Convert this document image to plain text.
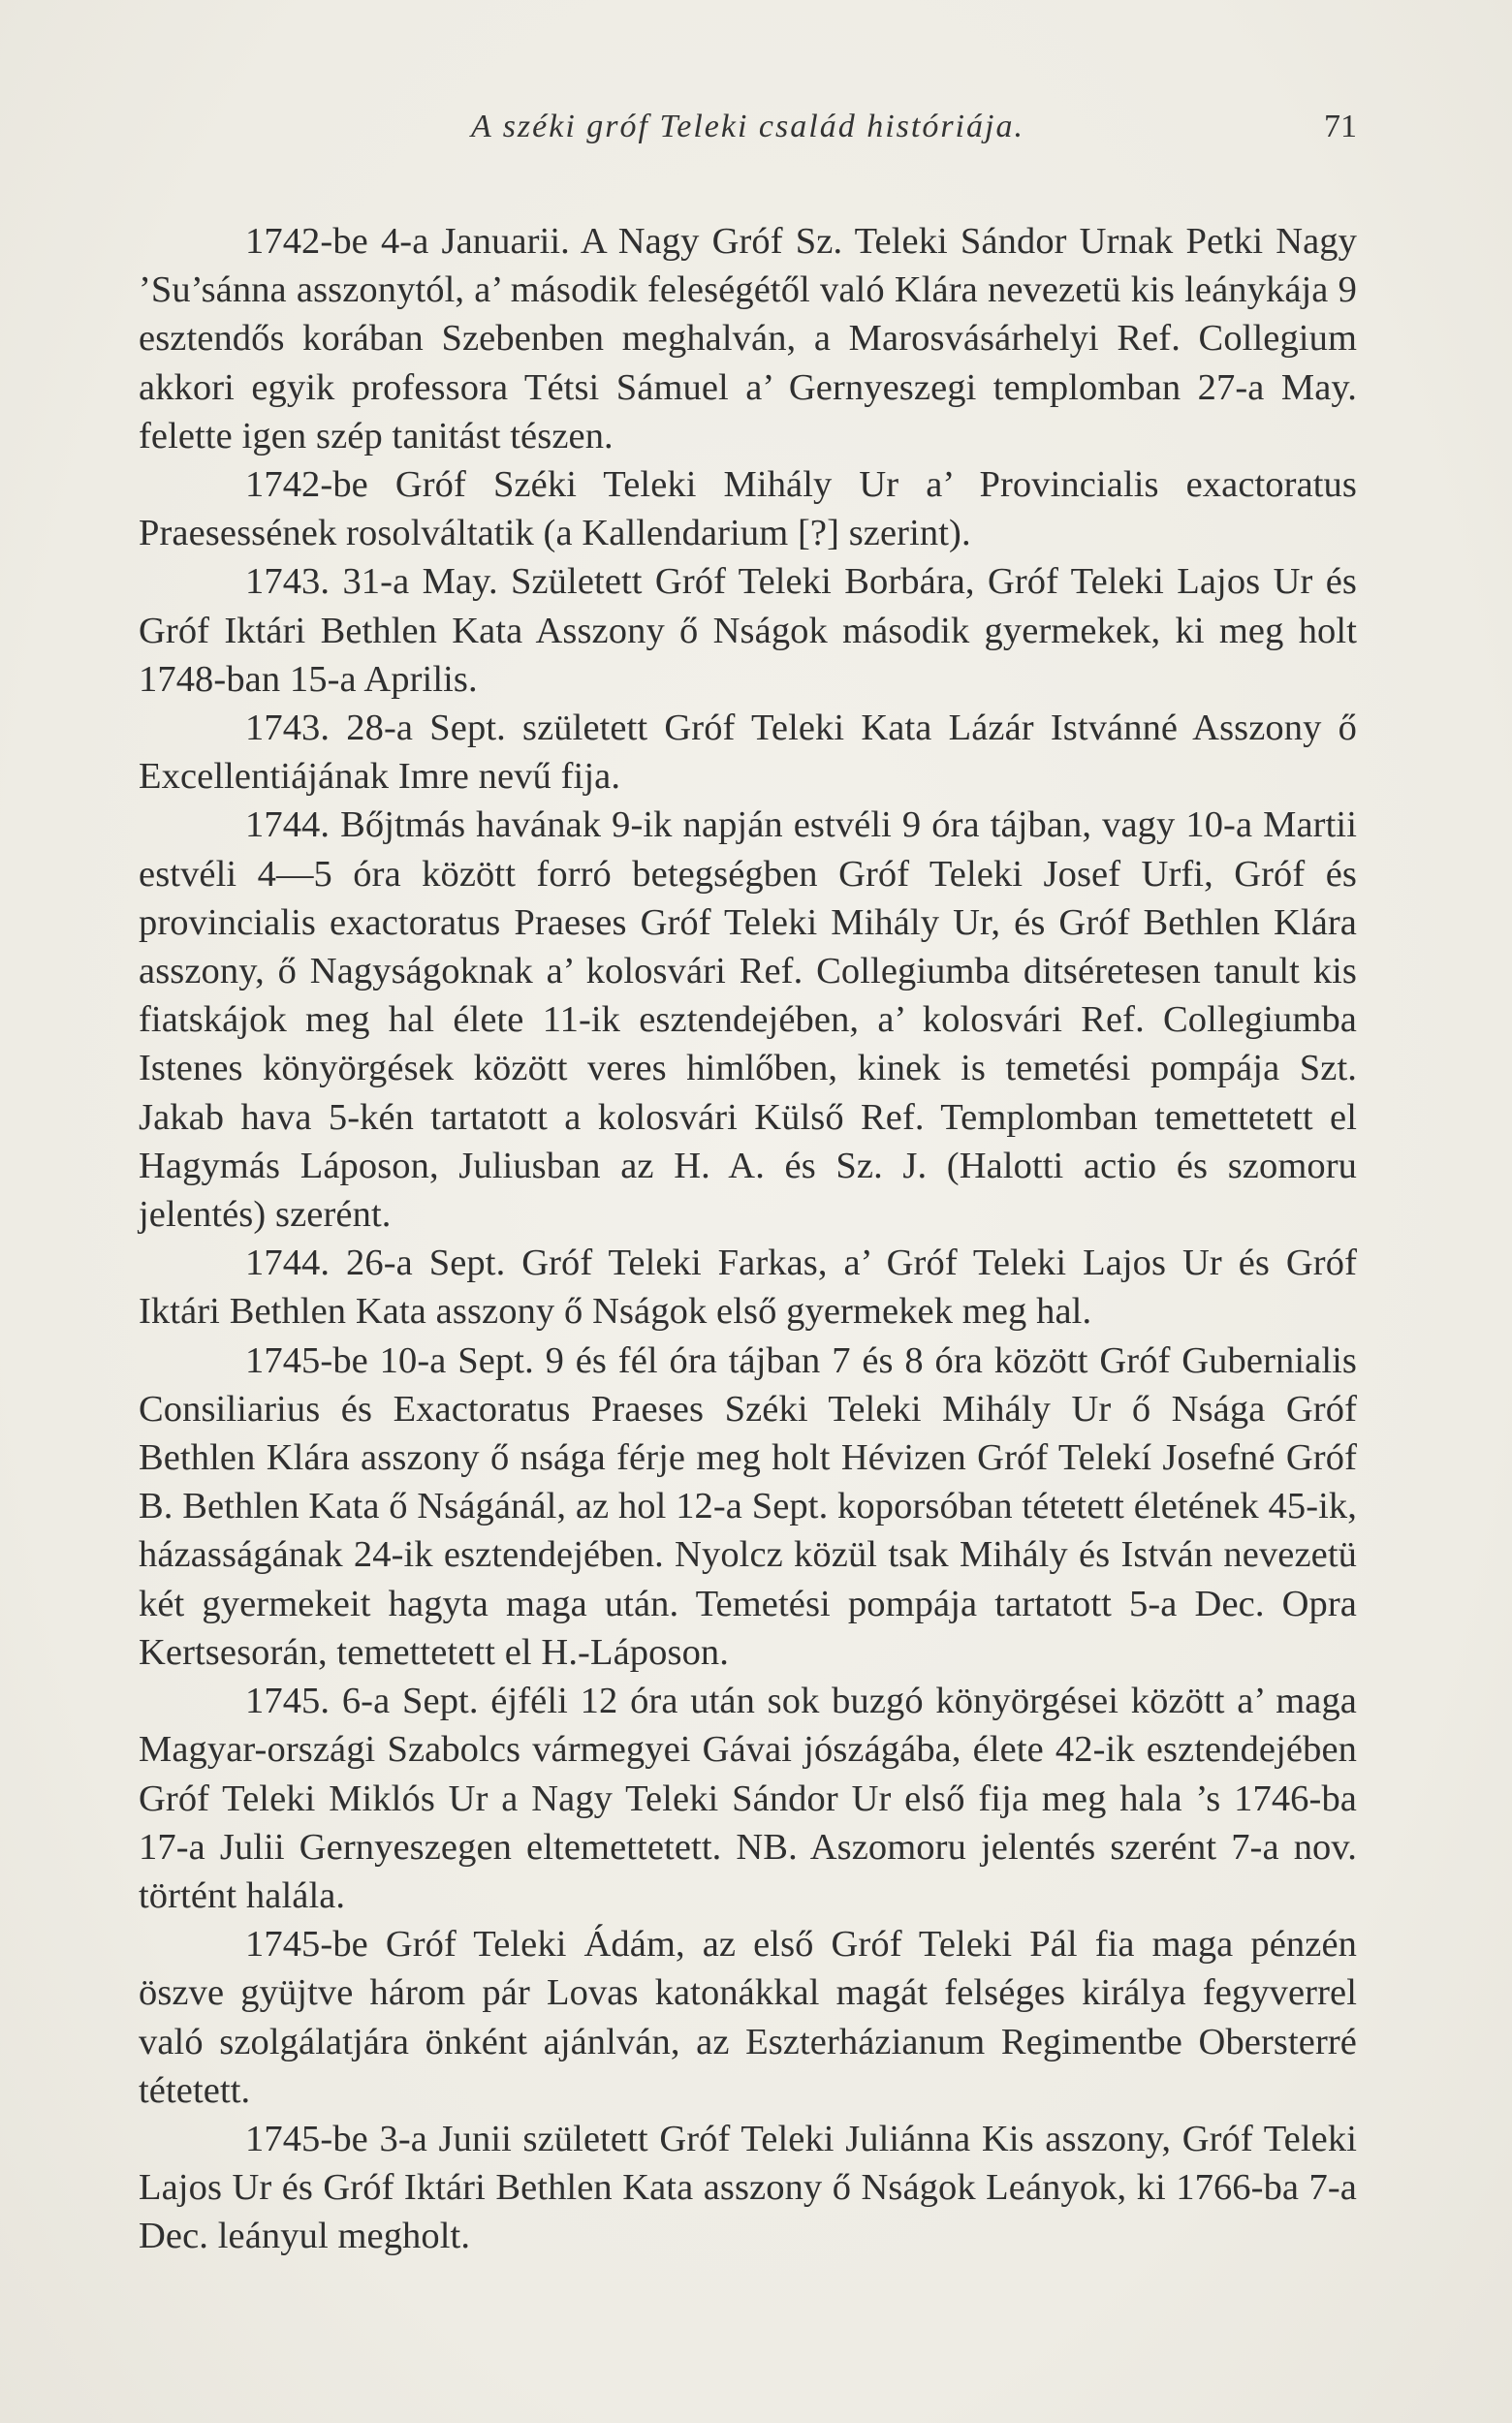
A széki gróf Teleki család históriája.	71

1742-be 4-a Januarii. A Nagy Gróf Sz. Teleki Sándor Urnak Petki Nagy ’Su’sánna asszonytól, a’ második feleségétől való Klára nevezetü kis leánykája 9 esztendős korában Szebenben meghalván, a Marosvásárhelyi Ref. Collegium akkori egyik professora Tétsi Sámuel a’ Gernyeszegi templomban 27-a May. felette igen szép tanitást tészen.

1742-be Gróf Széki Teleki Mihály Ur a’ Provincialis exactoratus Praesessének rosolváltatik (a Kallendarium [?] szerint).

1743. 31-a May. Született Gróf Teleki Borbára, Gróf Teleki Lajos Ur és Gróf Iktári Bethlen Kata Asszony ő Nságok második gyermekek, ki meg holt 1748-ban 15-a Aprilis.

1743. 28-a Sept. született Gróf Teleki Kata Lázár Istvánné Asszony ő Excellentiájának Imre nevű fija.

1744. Bőjtmás havának 9-ik napján estvéli 9 óra tájban, vagy 10-a Martii estvéli 4—5 óra között forró betegségben Gróf Teleki Josef Urfi, Gróf és provincialis exactoratus Praeses Gróf Teleki Mihály Ur, és Gróf Bethlen Klára asszony, ő Nagyságoknak a’ kolosvári Ref. Collegiumba ditséretesen tanult kis fiatskájok meg hal élete 11-ik esztendejében, a’ kolosvári Ref. Collegiumba Istenes könyörgések között veres himlőben, kinek is temetési pompája Szt. Jakab hava 5-kén tartatott a kolosvári Külső Ref. Templomban temettetett el Hagymás Láposon, Juliusban az H. A. és Sz. J. (Halotti actio és szomoru jelentés) szerént.

1744. 26-a Sept. Gróf Teleki Farkas, a’ Gróf Teleki Lajos Ur és Gróf Iktári Bethlen Kata asszony ő Nságok első gyermekek meg hal.

1745-be 10-a Sept. 9 és fél óra tájban 7 és 8 óra között Gróf Gubernialis Consiliarius és Exactoratus Praeses Széki Teleki Mihály Ur ő Nsága Gróf Bethlen Klára asszony ő nsága férje meg holt Hévizen Gróf Telekí Josefné Gróf B. Bethlen Kata ő Nságánál, az hol 12-a Sept. koporsóban tétetett életének 45-ik, házasságának 24-ik esztendejében. Nyolcz közül tsak Mihály és István nevezetü két gyermekeit hagyta maga után. Temetési pompája tartatott 5-a Dec. Opra Kertsesorán, temettetett el H.-Láposon.

1745. 6-a Sept. éjféli 12 óra után sok buzgó könyörgései között a’ maga Magyar-országi Szabolcs vármegyei Gávai jószágába, élete 42-ik esztendejében Gróf Teleki Miklós Ur a Nagy Teleki Sándor Ur első fija meg hala ’s 1746-ba 17-a Julii Gernyeszegen eltemettetett. NB. Aszomoru jelentés szerént 7-a nov. történt halála.

1745-be Gróf Teleki Ádám, az első Gróf Teleki Pál fia maga pénzén öszve gyüjtve három pár Lovas katonákkal magát felséges királya fegyverrel való szolgálatjára önként ajánlván, az Eszterházianum Regimentbe Obersterré tétetett.

1745-be 3-a Junii született Gróf Teleki Juliánna Kis asszony, Gróf Teleki Lajos Ur és Gróf Iktári Bethlen Kata asszony ő Nságok Leányok, ki 1766-ba 7-a Dec. leányul megholt.
